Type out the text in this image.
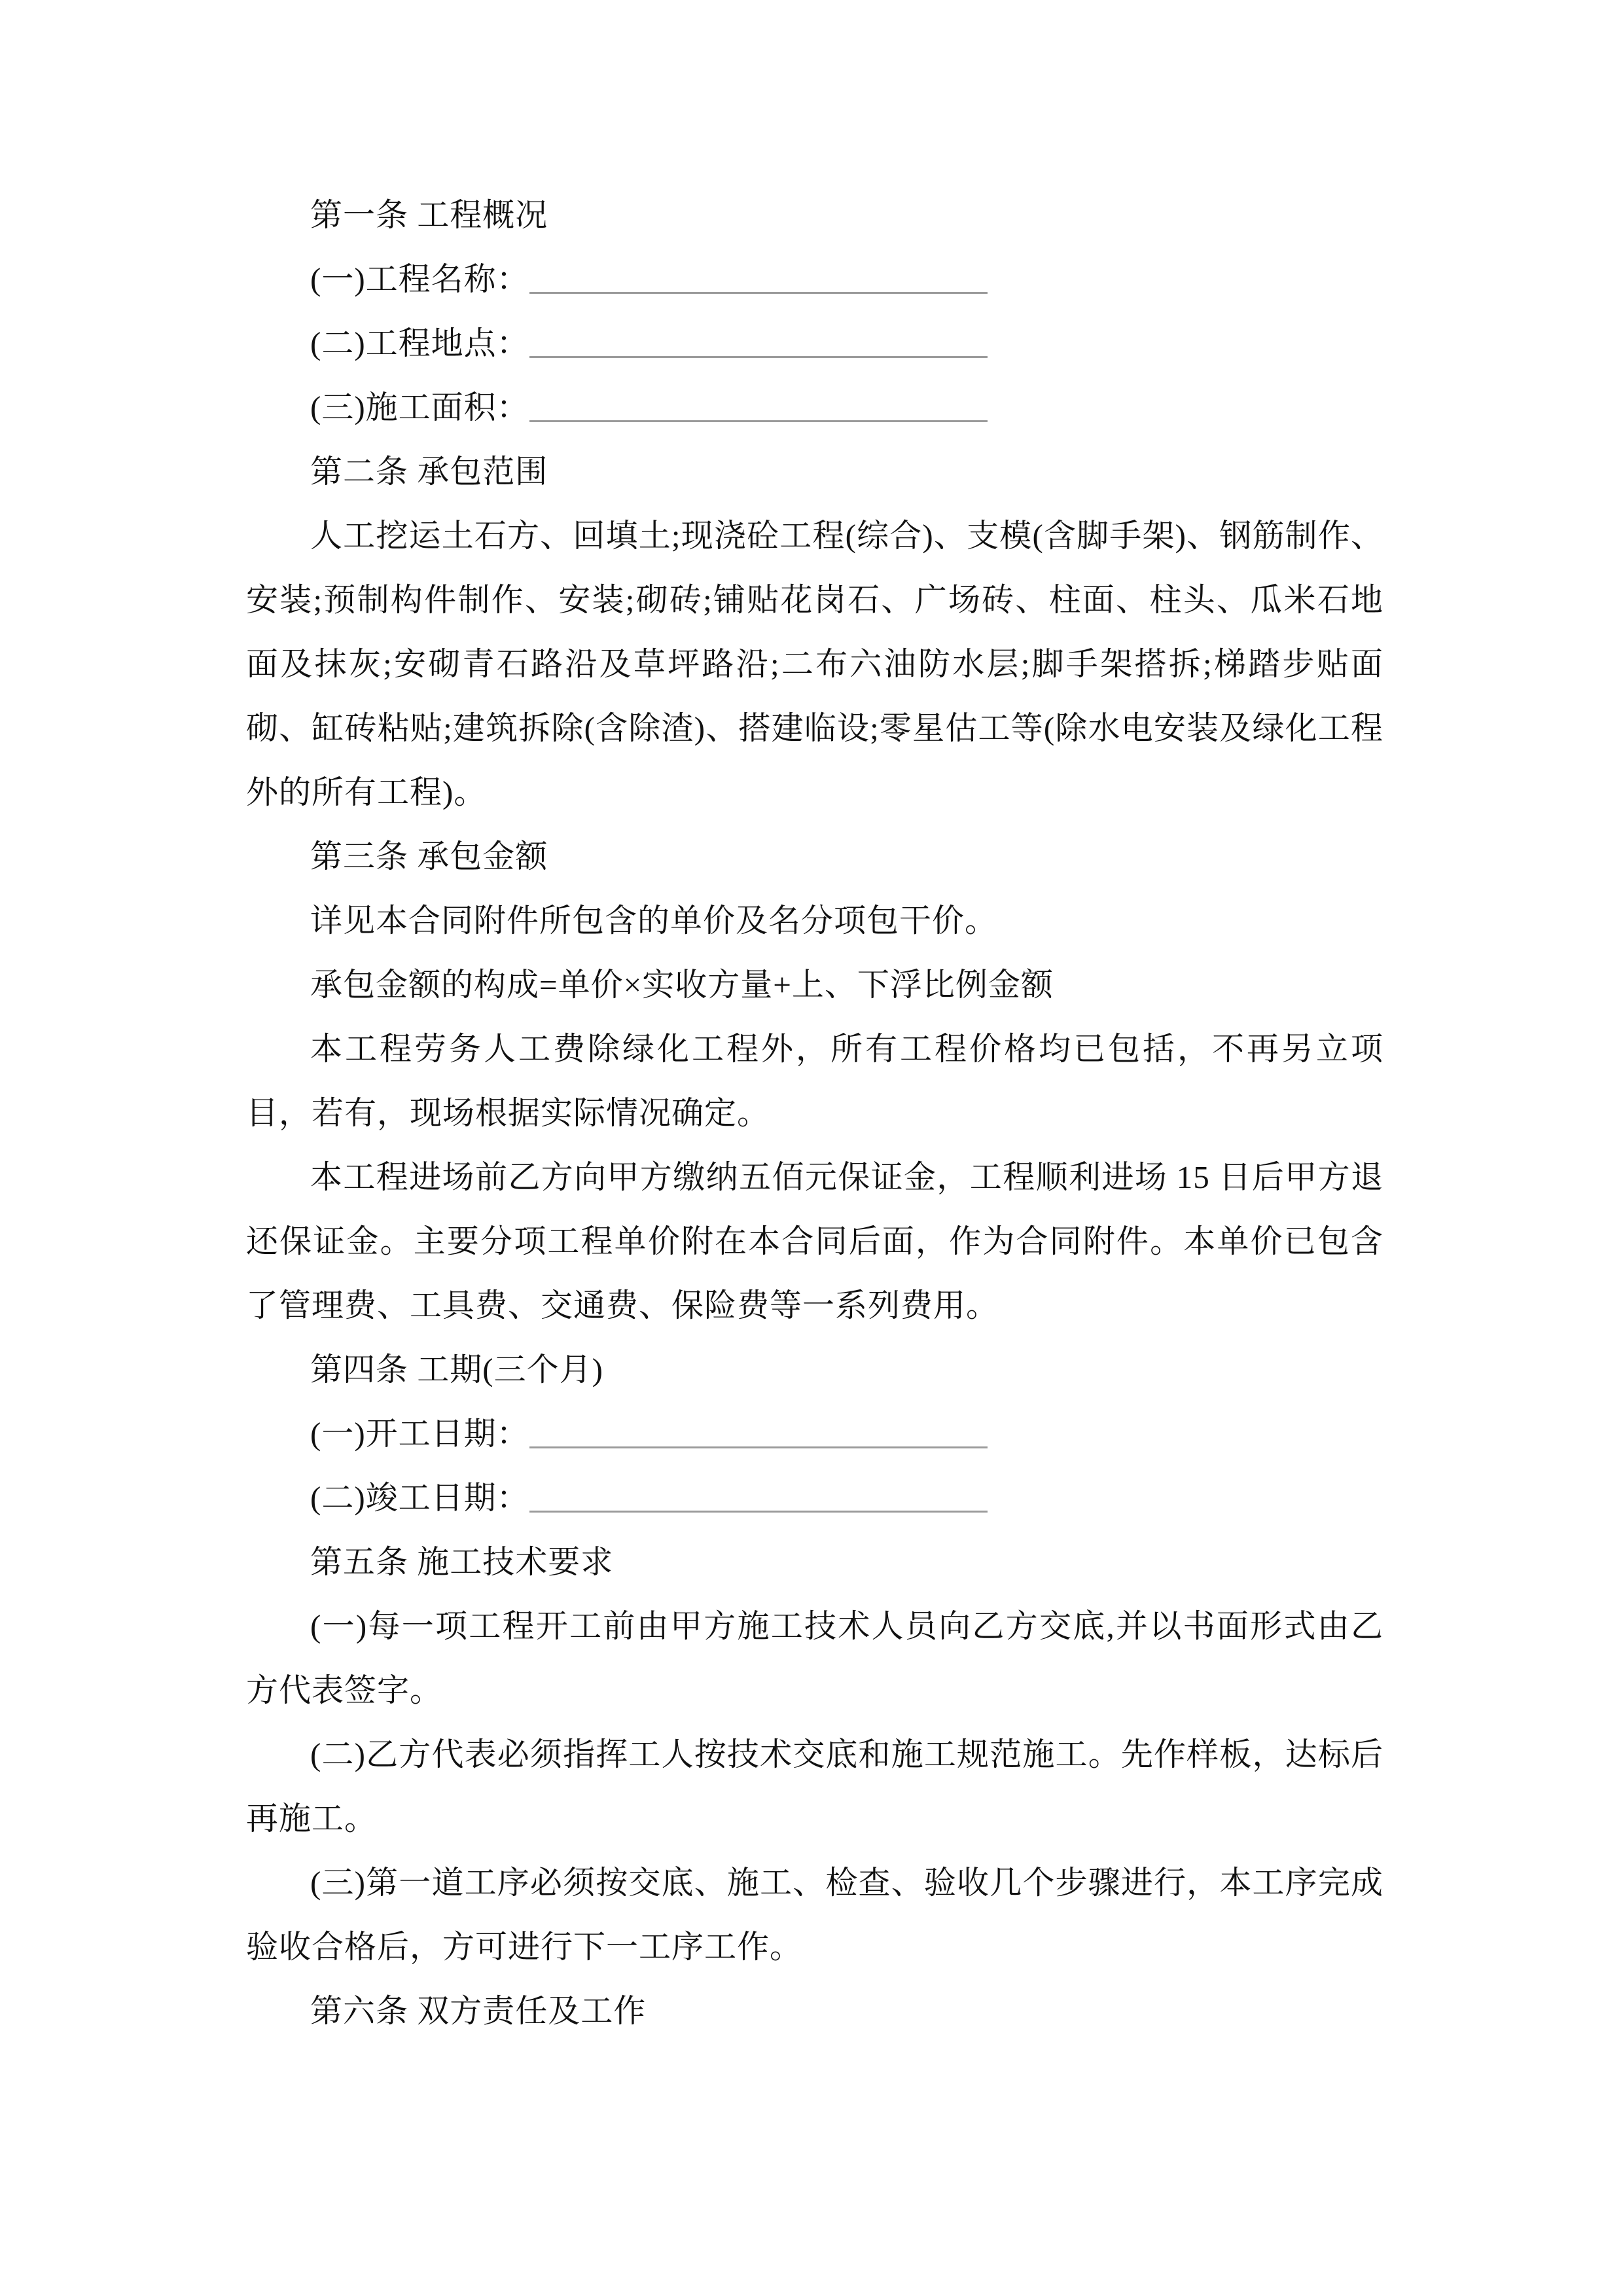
第一条 工程概况

(一)工程名称：

(二)工程地点：

(三)施工面积：

第二条 承包范围

人工挖运土石方、回填土;现浇砼工程(综合)、支模(含脚手架)、钢筋制作、安装;预制构件制作、安装;砌砖;铺贴花岗石、广场砖、柱面、柱头、瓜米石地面及抹灰;安砌青石路沿及草坪路沿;二布六油防水层;脚手架搭拆;梯踏步贴面砌、缸砖粘贴;建筑拆除(含除渣)、搭建临设;零星估工等(除水电安装及绿化工程外的所有工程)。

第三条 承包金额

详见本合同附件所包含的单价及名分项包干价。

承包金额的构成=单价×实收方量+上、下浮比例金额

本工程劳务人工费除绿化工程外，所有工程价格均已包括，不再另立项目，若有，现场根据实际情况确定。

本工程进场前乙方向甲方缴纳五佰元保证金，工程顺利进场 15 日后甲方退还保证金。主要分项工程单价附在本合同后面，作为合同附件。本单价已包含了管理费、工具费、交通费、保险费等一系列费用。

第四条 工期(三个月)

(一)开工日期：

(二)竣工日期：

第五条 施工技术要求

(一)每一项工程开工前由甲方施工技术人员向乙方交底,并以书面形式由乙方代表签字。

(二)乙方代表必须指挥工人按技术交底和施工规范施工。先作样板，达标后再施工。

(三)第一道工序必须按交底、施工、检查、验收几个步骤进行，本工序完成验收合格后，方可进行下一工序工作。

第六条 双方责任及工作
